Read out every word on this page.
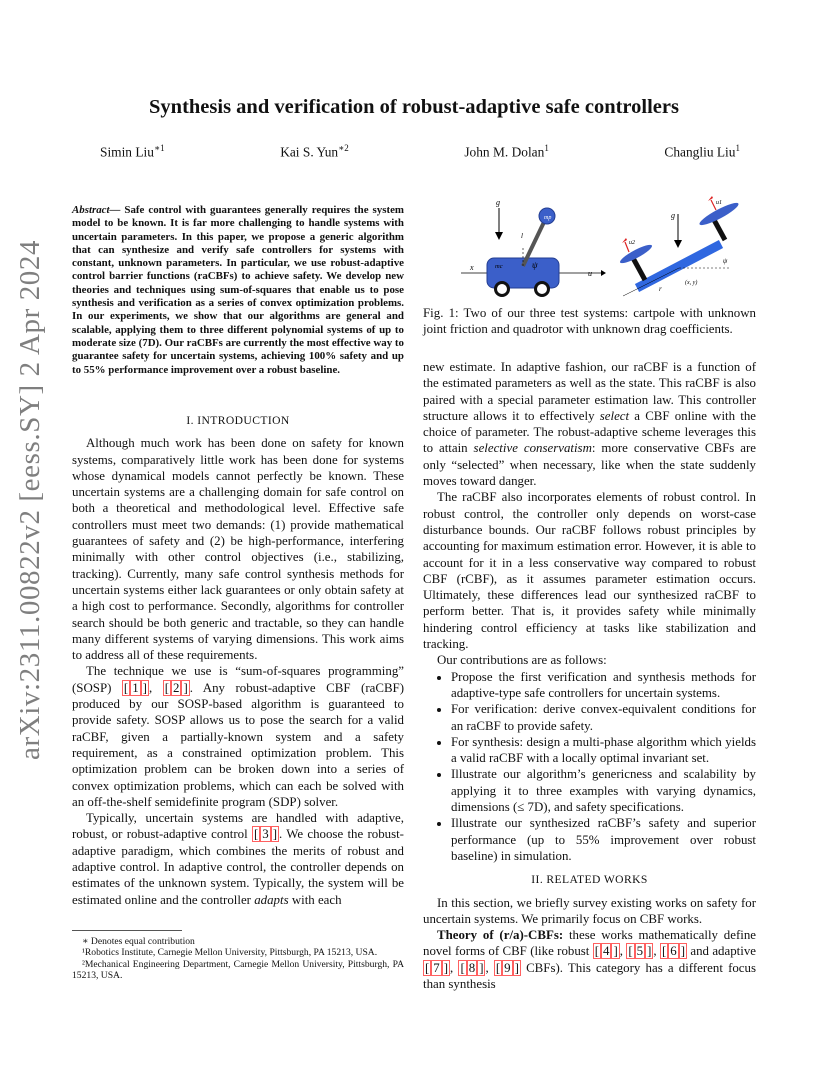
arXiv:2311.00822v2 [eess.SY] 2 Apr 2024
Synthesis and verification of robust-adaptive safe controllers
Simin Liu$^{∗1}$	Kai S. Yun$^{∗2}$	John M. Dolan$^1$	Changliu Liu$^1$
Abstract— Safe control with guarantees generally requires the system model to be known. It is far more challenging to handle systems with uncertain parameters. In this paper, we propose a generic algorithm that can synthesize and verify safe controllers for systems with constant, unknown parameters. In particular, we use robust-adaptive control barrier functions (raCBFs) to achieve safety. We develop new theories and techniques using sum-of-squares that enable us to pose synthesis and verification as a series of convex optimization problems. In our experiments, we show that our algorithms are general and scalable, applying them to three different polynomial systems of up to moderate size (7D). Our raCBFs are currently the most effective way to guarantee safety for uncertain systems, achieving 100% safety and up to 55% performance improvement over a robust baseline.
I. INTRODUCTION

Although much work has been done on safety for known systems, comparatively little work has been done for systems whose dynamical models cannot perfectly be known. These uncertain systems are a challenging domain for safe control on both a theoretical and methodological level. Effective safe controllers must meet two demands: (1) provide mathematical guarantees of safety and (2) be high-performance, interfering minimally with other control objectives (i.e., stabilizing, tracking). Currently, many safe control synthesis methods for uncertain systems either lack guarantees or only obtain safety at a high cost to performance. Secondly, algorithms for controller search should be both generic and tractable, so they can handle many different systems of varying dimensions. This work aims to address all of these requirements.

The technique we use is “sum-of-squares programming” (SOSP) [ 1 ] , [ 2 ] . Any robust-adaptive CBF (raCBF) produced by our SOSP-based algorithm is guaranteed to provide safety. SOSP allows us to pose the search for a valid raCBF, given a partially-known system and a safety requirement, as a constrained optimization problem. This optimization problem can be broken down into a series of convex optimization problems, which can each be solved with an off-the-shelf semidefinite program (SDP) solver.

Typically, uncertain systems are handled with adaptive, robust, or robust-adaptive control [ 3 ] . We choose the robust-adaptive paradigm, which combines the merits of robust and adaptive control. In adaptive control, the controller depends on estimates of the unknown system. Typically, the system will be estimated online and the controller adapts with each

∗ Denotes equal contribution
¹Robotics Institute, Carnegie Mellon University, Pittsburgh, PA 15213, USA.
²Mechanical Engineering Department, Carnegie Mellon University, Pittsburgh, PA 15213, USA.
g
x
u
mp
l
mc	ψ
g
u2
u1
ψ
r
(x, y)
Fig. 1: Two of our three test systems: cartpole with unknown joint friction and quadrotor with unknown drag coefficients.

new estimate. In adaptive fashion, our raCBF is a function of the estimated parameters as well as the state. This raCBF is also paired with a special parameter estimation law. This controller structure allows it to effectively select a CBF online with the choice of parameter. The robust-adaptive scheme leverages this to attain selective conservatism: more conservative CBFs are only “selected” when necessary, like when the state suddenly moves toward danger.

The raCBF also incorporates elements of robust control. In robust control, the controller only depends on worst-case disturbance bounds. Our raCBF follows robust principles by accounting for maximum estimation error. However, it is able to account for it in a less conservative way compared to robust CBF (rCBF), as it assumes parameter estimation occurs. Ultimately, these differences lead our synthesized raCBF to perform better. That is, it provides safety while minimally hindering control efficiency at tasks like stabilization and tracking.

Our contributions are as follows:

• Propose the first verification and synthesis methods for adaptive-type safe controllers for uncertain systems.
• For verification: derive convex-equivalent conditions for an raCBF to provide safety.
• For synthesis: design a multi-phase algorithm which yields a valid raCBF with a locally optimal invariant set.
• Illustrate our algorithm’s genericness and scalability by applying it to three examples with varying dynamics, dimensions (≤ 7D), and safety specifications.
• Illustrate our synthesized raCBF’s safety and superior performance (up to 55% improvement over robust baseline) in simulation.
II. RELATED WORKS

In this section, we briefly survey existing works on safety for uncertain systems. We primarily focus on CBF works.

Theory of (r/a)-CBFs: these works mathematically define novel forms of CBF (like robust [ 4 ] , [ 5 ] , [ 6 ] and adaptive [ 7 ] , [ 8 ] , [ 9 ] CBFs). This category has a different focus than synthesis
